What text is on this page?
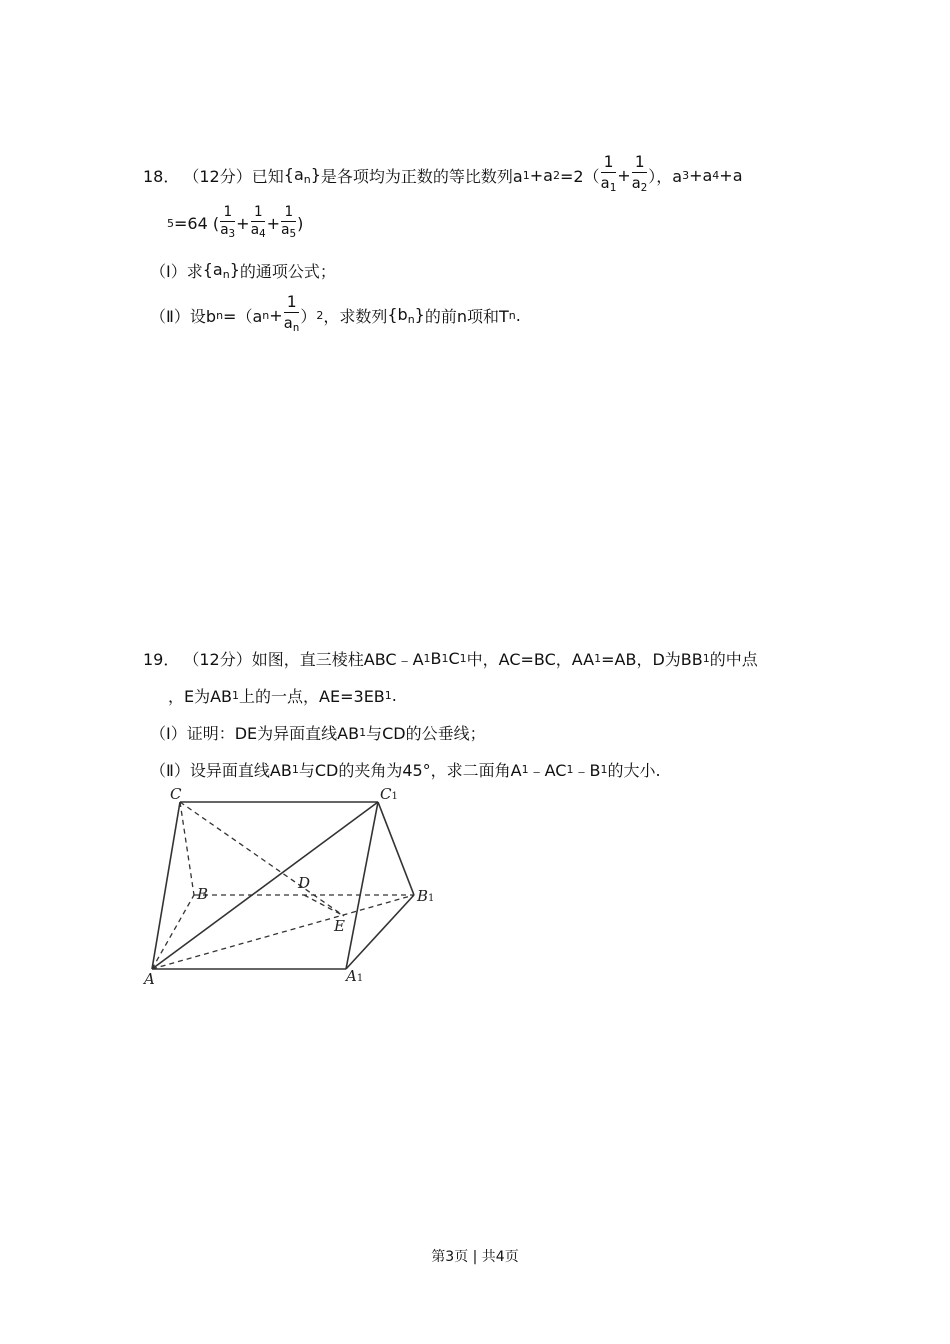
18． （12分） 已知 $\{a_n\}$ 是各项均为正数的等比数列a 1 +a $2 =2( \frac{1}{a_1} + \frac{1}{a_2}$ ），a 3 +a 4 +a
5 =64 ( $\frac{1}{a_3} + \frac{1}{a_4} + \frac{1}{a_5}$ )
（Ⅰ） 求 $\{a_n\}$ 的通项公式；
（Ⅱ） 设b n =（a $n + \frac{1}{a_n}$ ） 2 ，求数列 $\{b_n\}$ 的前n项和T n .
19． （12分） 如图，直三棱柱ABC﹣A 1 B 1 C 1 中，AC=BC，AA 1 =AB，D为BB 1 的中点
，E为AB 1 上的一点，AE=3EB 1 .
（Ⅰ） 证明：DE为异面直线AB 1 与CD的公垂线；
（Ⅱ） 设异面直线AB 1 与CD的夹角为45°，求二面角A 1 ﹣AC 1 ﹣B 1 的大小.
C	C1
B
D
B1
E
A	A1
第3页 | 共4页
